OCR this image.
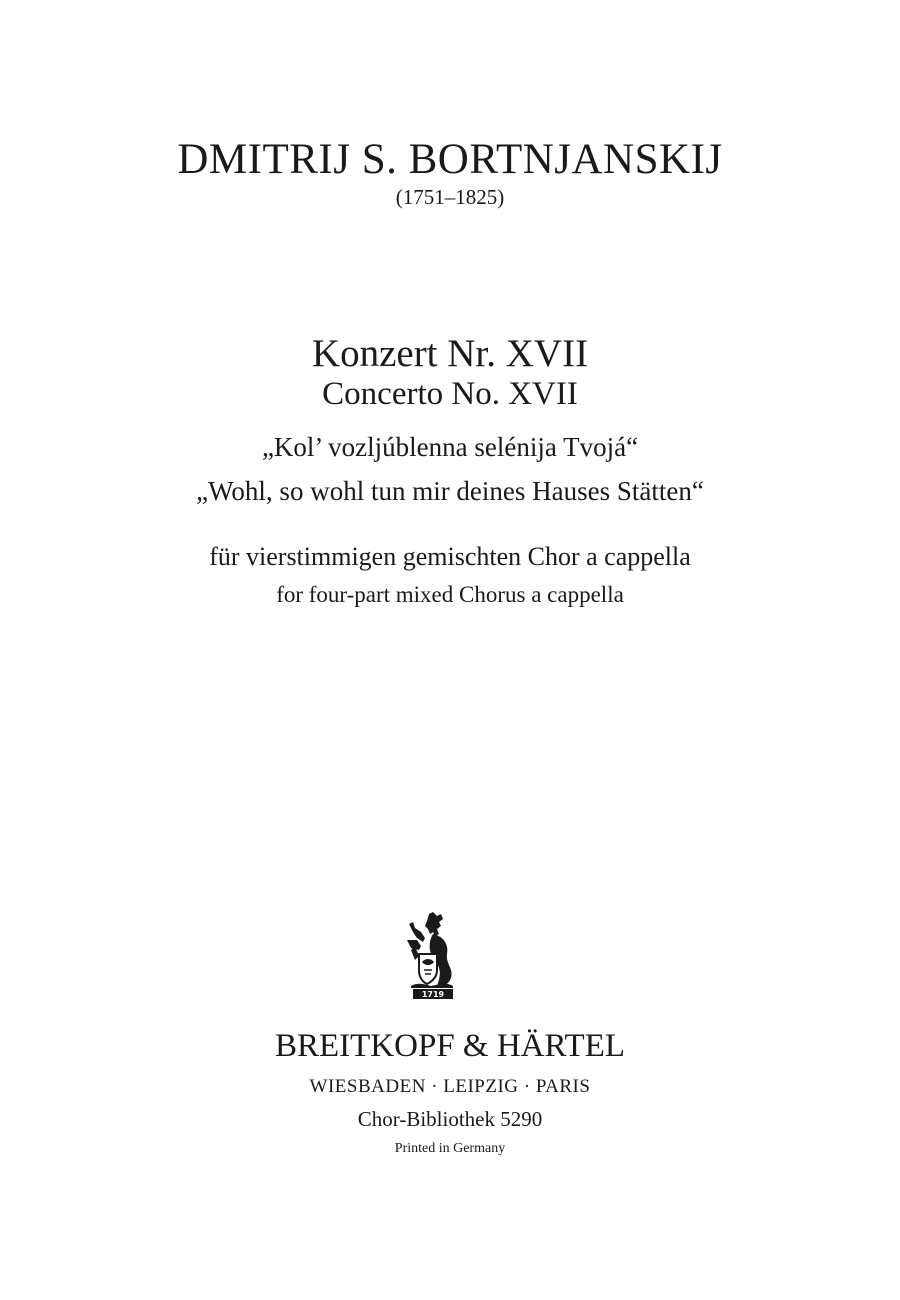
DMITRIJ S. BORTNJANSKIJ
(1751–1825)
Konzert Nr. XVII
Concerto No. XVII
„Kol’ vozljúblenna selénija Tvojá“
„Wohl, so wohl tun mir deines Hauses Stätten“
für vierstimmigen gemischten Chor a cappella
for four-part mixed Chorus a cappella
1719
BREITKOPF & HÄRTEL
WIESBADEN · LEIPZIG · PARIS
Chor-Bibliothek 5290
Printed in Germany
